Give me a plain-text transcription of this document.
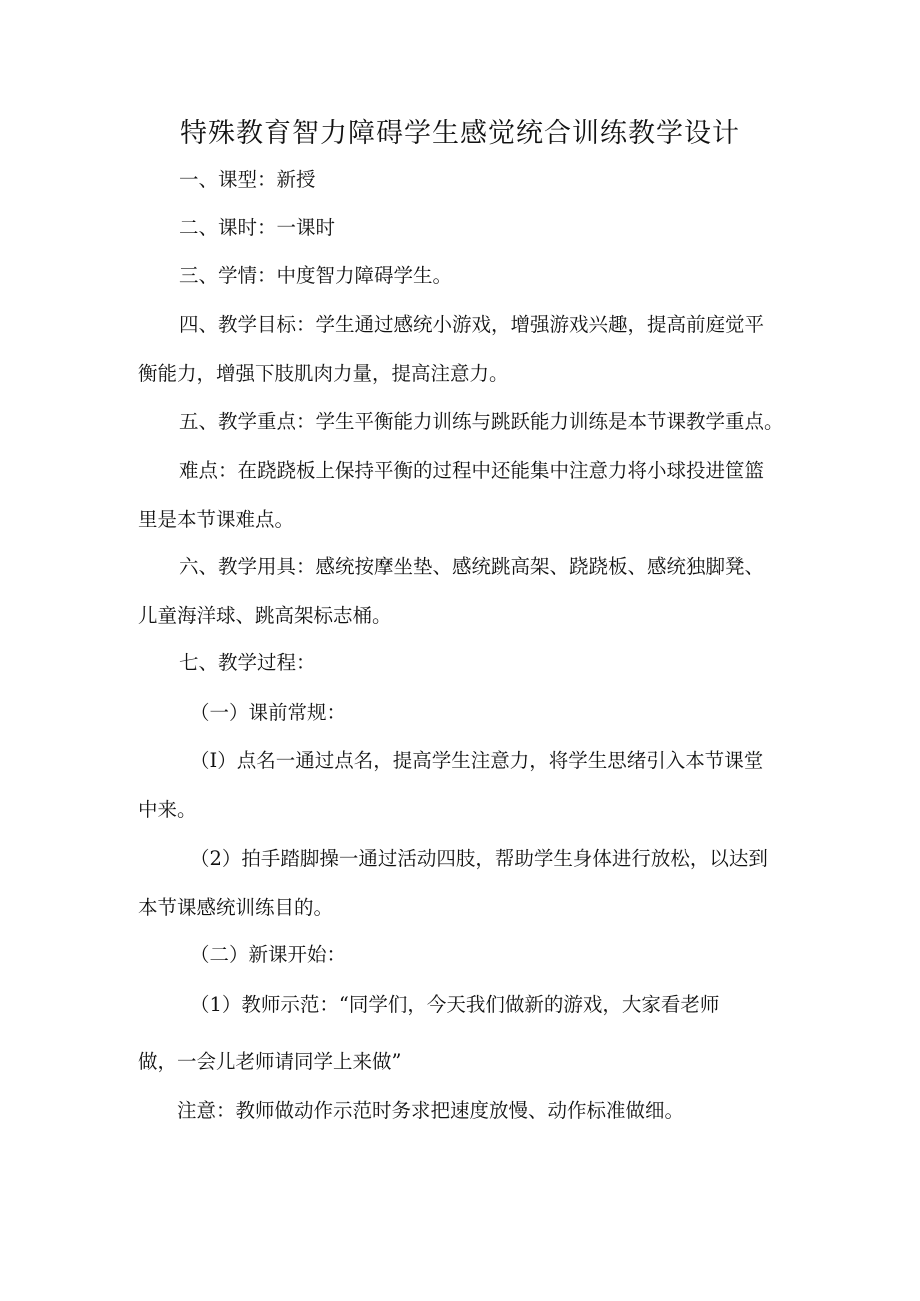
特殊教育智力障碍学生感觉统合训练教学设计
一、课型：新授
二、课时：一课时
三、学情：中度智力障碍学生。
四、教学目标：学生通过感统小游戏，增强游戏兴趣，提高前庭觉平
衡能力，增强下肢肌肉力量，提高注意力。
五、教学重点：学生平衡能力训练与跳跃能力训练是本节课教学重点。
难点：在跷跷板上保持平衡的过程中还能集中注意力将小球投进筐篮
里是本节课难点。
六、教学用具：感统按摩坐垫、感统跳高架、跷跷板、感统独脚凳、
儿童海洋球、跳高架标志桶。
七、教学过程：
（一）课前常规：
（I）点名一通过点名，提高学生注意力，将学生思绪引入本节课堂
中来。
（2）拍手踏脚操一通过活动四肢，帮助学生身体进行放松，以达到
本节课感统训练目的。
（二）新课开始：
（1）教师示范：“同学们，今天我们做新的游戏，大家看老师
做，一会儿老师请同学上来做”
注意：教师做动作示范时务求把速度放慢、动作标准做细。
